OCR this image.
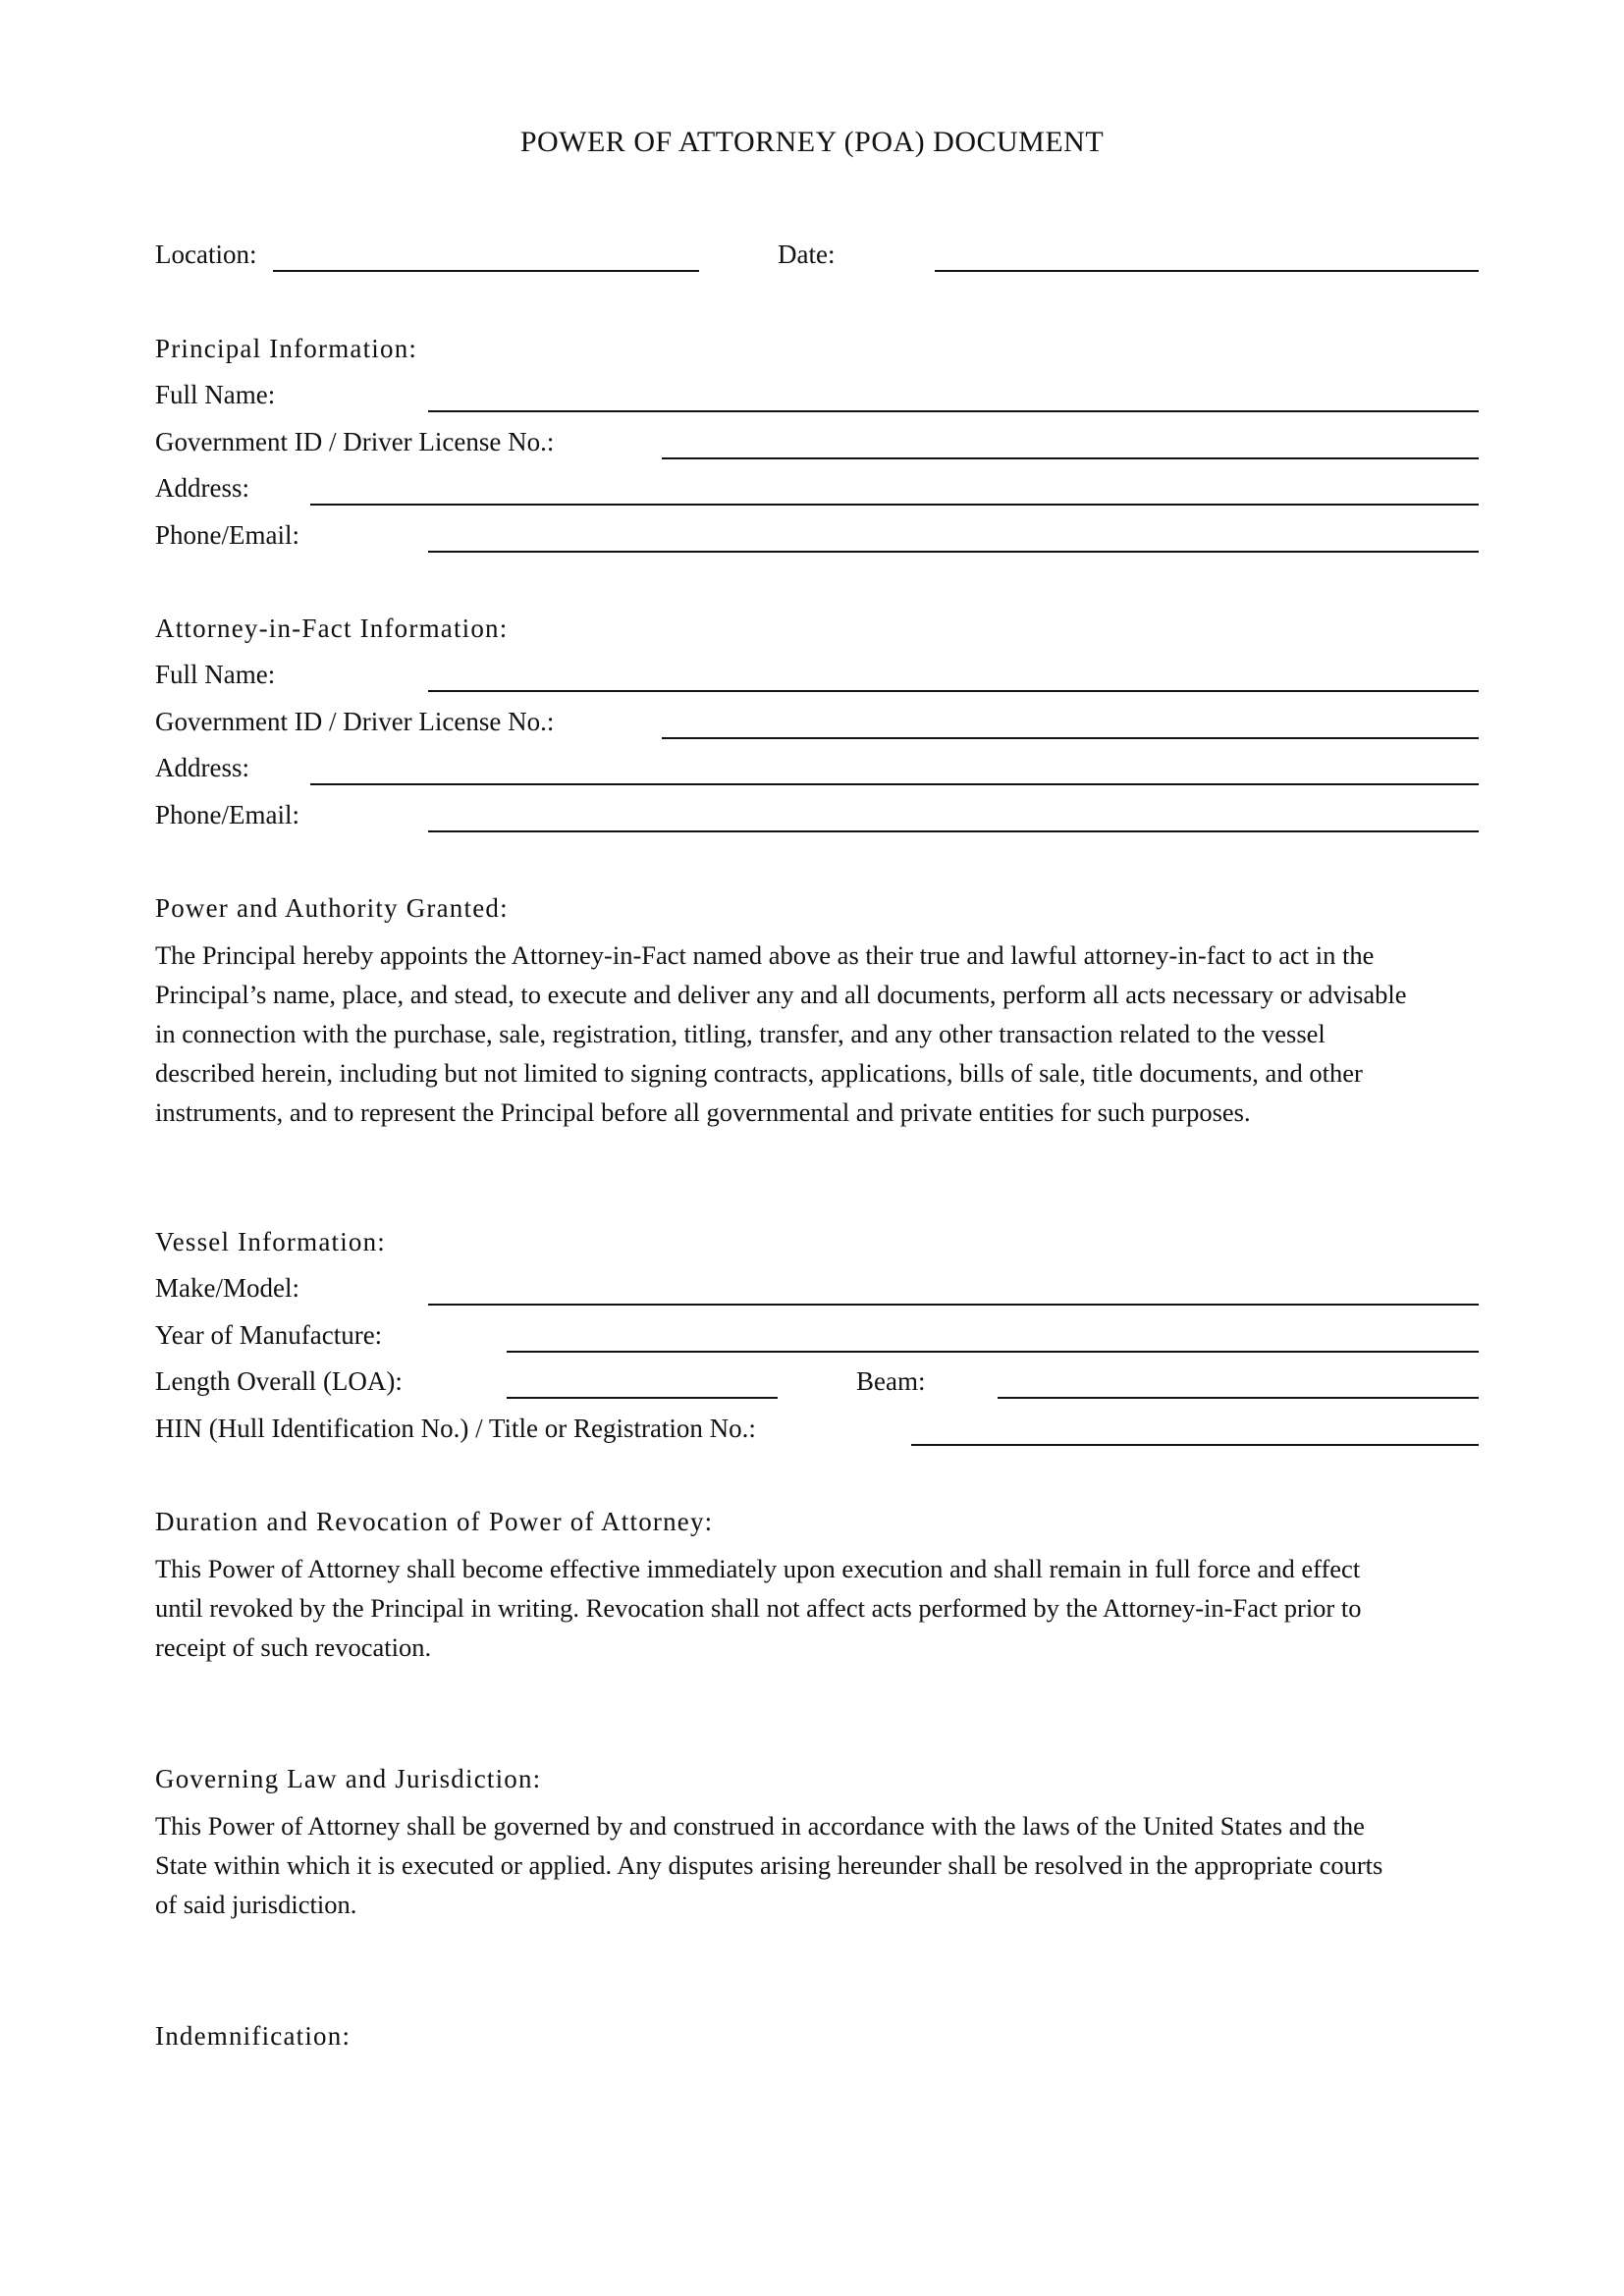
POWER OF ATTORNEY (POA) DOCUMENT
Location:	Date:
Principal Information:
Full Name:
Government ID / Driver License No.:
Address:
Phone/Email:
Attorney-in-Fact Information:
Full Name:
Government ID / Driver License No.:
Address:
Phone/Email:
Power and Authority Granted:
The Principal hereby appoints the Attorney-in-Fact named above as their true and lawful attorney-in-fact to act in the
Principal’s name, place, and stead, to execute and deliver any and all documents, perform all acts necessary or advisable
in connection with the purchase, sale, registration, titling, transfer, and any other transaction related to the vessel
described herein, including but not limited to signing contracts, applications, bills of sale, title documents, and other
instruments, and to represent the Principal before all governmental and private entities for such purposes.
Vessel Information:
Make/Model:
Year of Manufacture:
Length Overall (LOA):	Beam:
HIN (Hull Identification No.) / Title or Registration No.:
Duration and Revocation of Power of Attorney:
This Power of Attorney shall become effective immediately upon execution and shall remain in full force and effect
until revoked by the Principal in writing. Revocation shall not affect acts performed by the Attorney-in-Fact prior to
receipt of such revocation.
Governing Law and Jurisdiction:
This Power of Attorney shall be governed by and construed in accordance with the laws of the United States and the
State within which it is executed or applied. Any disputes arising hereunder shall be resolved in the appropriate courts
of said jurisdiction.
Indemnification:
